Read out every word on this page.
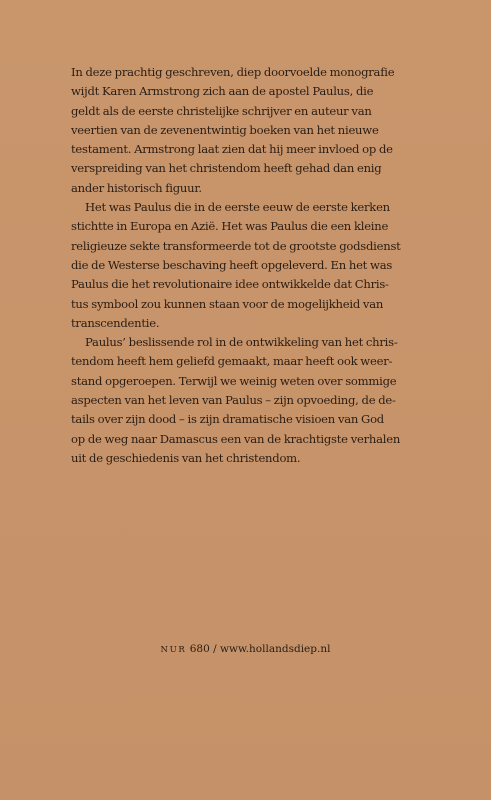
In deze prachtig geschreven, diep doorvoelde monografie
wijdt Karen Armstrong zich aan de apostel Paulus, die
geldt als de eerste christelijke schrijver en auteur van
veertien van de zevenentwintig boeken van het nieuwe
testament. Armstrong laat zien dat hij meer invloed op de
verspreiding van het christendom heeft gehad dan enig
ander historisch figuur.
Het was Paulus die in de eerste eeuw de eerste kerken
stichtte in Europa en Azië. Het was Paulus die een kleine
religieuze sekte transformeerde tot de grootste godsdienst
die de Westerse beschaving heeft opgeleverd. En het was
Paulus die het revolutionaire idee ontwikkelde dat Chris-
tus symbool zou kunnen staan voor de mogelijkheid van
transcendentie.
Paulus’ beslissende rol in de ontwikkeling van het chris-
tendom heeft hem geliefd gemaakt, maar heeft ook weer-
stand opgeroepen. Terwijl we weinig weten over sommige
aspecten van het leven van Paulus – zijn opvoeding, de de-
tails over zijn dood – is zijn dramatische visioen van God
op de weg naar Damascus een van de krachtigste verhalen
uit de geschiedenis van het christendom.
NUR 680 / www.hollandsdiep.nl
